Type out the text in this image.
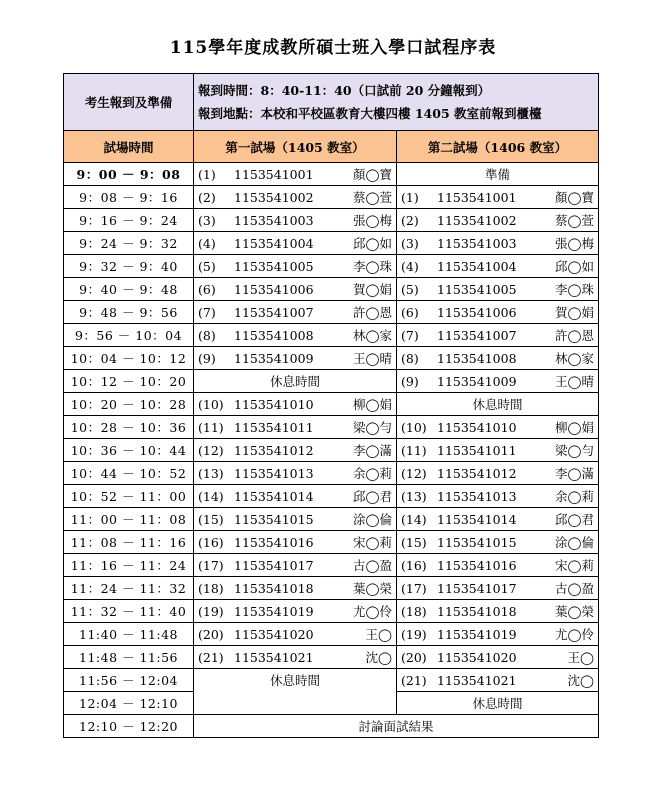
115學年度成教所碩士班入學口試程序表
考生報到及準備	報到時間：8：40-11：40（口試前 20 分鐘報到）
報到地點：本校和平校區教育大樓四樓 1405 教室前報到櫃檯	

試場時間	第一試場（1405 教室）	第二試場（1406 教室）
9：00 － 9：08	(1) 1153541001 顏◯寶	準備
9：08 － 9：16	(2) 1153541002 蔡◯萱	(1) 1153541001 顏◯寶

9：16 － 9：24	(3) 1153541003 張◯梅	(2) 1153541002 蔡◯萱

9：24 － 9：32	(4) 1153541004 邱◯如	(3) 1153541003 張◯梅

9：32 － 9：40	(5) 1153541005 李◯珠	(4) 1153541004 邱◯如

9：40 － 9：48	(6) 1153541006 賀◯娟	(5) 1153541005 李◯珠

9：48 － 9：56	(7) 1153541007 許◯恩	(6) 1153541006 賀◯娟

9：56 － 10：04	(8) 1153541008 林◯家	(7) 1153541007 許◯恩

10：04 － 10：12	(9) 1153541009 王◯晴	(8) 1153541008 林◯家

10：12 － 10：20	休息時間	(9) 1153541009 王◯晴

10：20 － 10：28	(10) 1153541010 柳◯娟	休息時間
10：28 － 10：36	(11) 1153541011 梁◯勻	(10) 1153541010 柳◯娟

10：36 － 10：44	(12) 1153541012 李◯滿	(11) 1153541011 梁◯勻

10：44 － 10：52	(13) 1153541013 余◯莉	(12) 1153541012 李◯滿

10：52 － 11：00	(14) 1153541014 邱◯君	(13) 1153541013 余◯莉

11：00 － 11：08	(15) 1153541015 涂◯倫	(14) 1153541014 邱◯君

11：08 － 11：16	(16) 1153541016 宋◯莉	(15) 1153541015 涂◯倫

11：16 － 11：24	(17) 1153541017 古◯盈	(16) 1153541016 宋◯莉

11：24 － 11：32	(18) 1153541018 葉◯榮	(17) 1153541017 古◯盈

11：32 － 11：40	(19) 1153541019 尤◯伶	(18) 1153541018 葉◯榮

11:40 － 11:48	(20) 1153541020 王◯	(19) 1153541019 尤◯伶

11:48 － 11:56	(21) 1153541021 沈◯	(20) 1153541020 王◯

11:56 － 12:04	休息時間	(21) 1153541021 沈◯

12:04 － 12:10		休息時間
12:10 － 12:20	討論面試結果	
